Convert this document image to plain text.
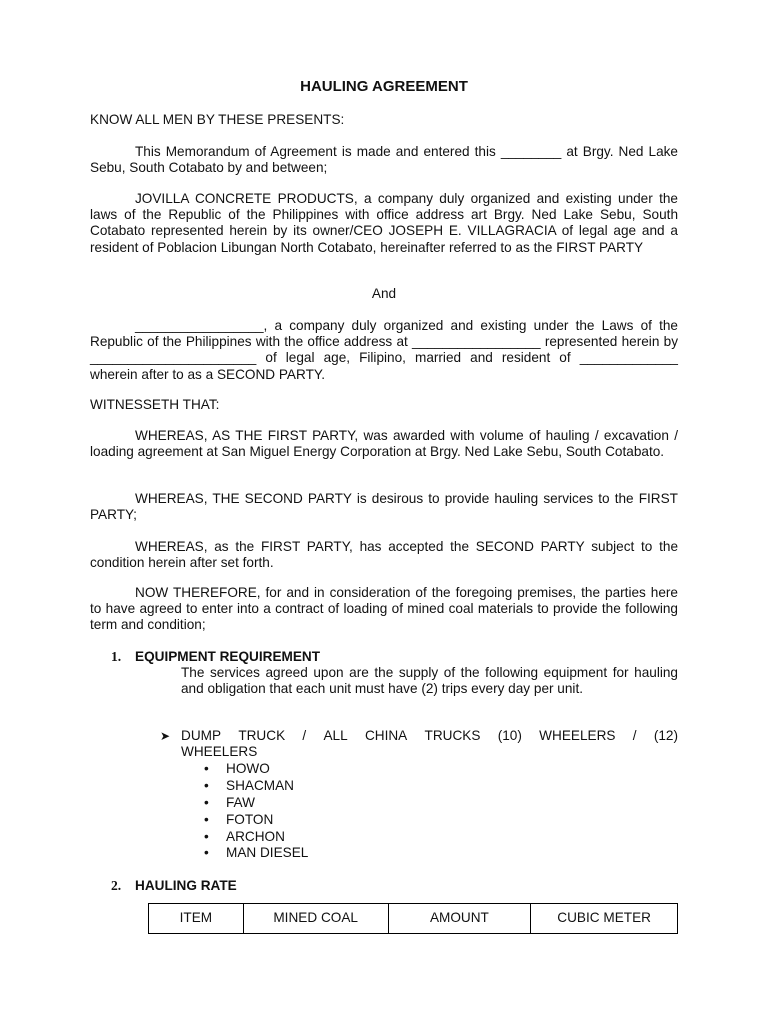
HAULING AGREEMENT

KNOW ALL MEN BY THESE PRESENTS:

This Memorandum of Agreement is made and entered this ________ at Brgy. Ned Lake Sebu, South Cotabato by and between;

JOVILLA CONCRETE PRODUCTS, a company duly organized and existing under the laws of the Republic of the Philippines with office address art Brgy. Ned Lake Sebu, South Cotabato represented herein by its owner/CEO JOSEPH E. VILLAGRACIA of legal age and a resident of Poblacion Libungan North Cotabato, hereinafter referred to as the FIRST PARTY

And

_________________, a company duly organized and existing under the Laws of the Republic of the Philippines with the office address at _________________ represented herein by ______________________ of legal age, Filipino, married and resident of _____________ wherein after to as a SECOND PARTY.

WITNESSETH THAT:

WHEREAS, AS THE FIRST PARTY, was awarded with volume of hauling / excavation / loading agreement at San Miguel Energy Corporation at Brgy. Ned Lake Sebu, South Cotabato.

WHEREAS, THE SECOND PARTY is desirous to provide hauling services to the FIRST PARTY;

WHEREAS, as the FIRST PARTY, has accepted the SECOND PARTY subject to the condition herein after set forth.

NOW THEREFORE, for and in consideration of the foregoing premises, the parties here to have agreed to enter into a contract of loading of mined coal materials to provide the following term and condition;

1. EQUIPMENT REQUIREMENT

The services agreed upon are the supply of the following equipment for hauling and obligation that each unit must have (2) trips every day per unit.

➤ DUMP TRUCK / ALL CHINA TRUCKS (10) WHEELERS / (12)
WHEELERS
• HOWO
• SHACMAN
• FAW
• FOTON
• ARCHON
• MAN DIESEL
2. HAULING RATE
ITEM	MINED COAL	AMOUNT	CUBIC METER
